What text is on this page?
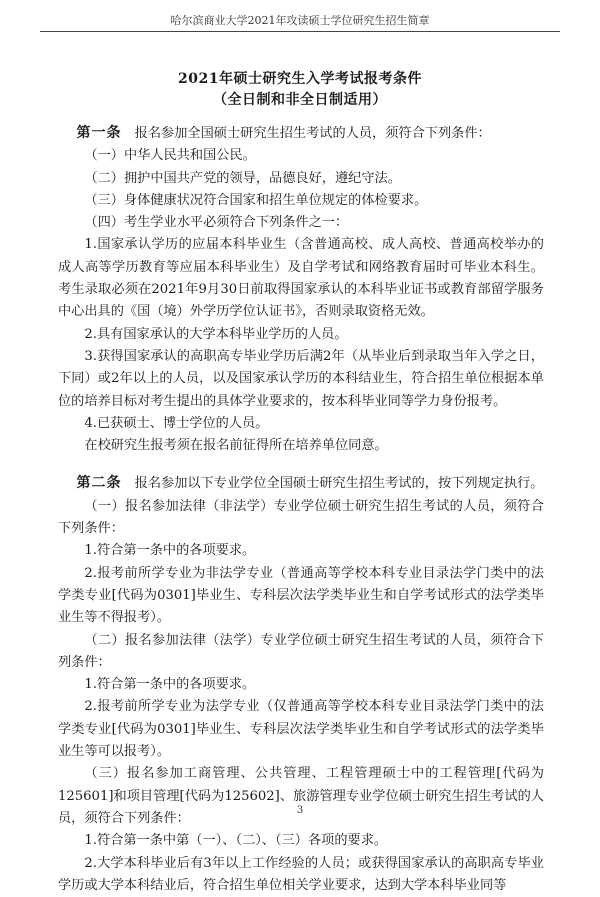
哈尔滨商业大学2021年攻读硕士学位研究生招生简章
2021年硕士研究生入学考试报考条件
（全日制和非全日制适用）

第一条　 报名参加全国硕士研究生招生考试的人员，须符合下列条件：

（一）中华人民共和国公民。

（二）拥护中国共产党的领导，品德良好，遵纪守法。

（三）身体健康状况符合国家和招生单位规定的体检要求。

（四）考生学业水平必须符合下列条件之一：

1.国家承认学历的应届本科毕业生（含普通高校、成人高校、普通高校举办的成人高等学历教育等应届本科毕业生）及自学考试和网络教育届时可毕业本科生。考生录取必须在2021年9月30日前取得国家承认的本科毕业证书或教育部留学服务中心出具的《国（境）外学历学位认证书》，否则录取资格无效。

2.具有国家承认的大学本科毕业学历的人员。

3.获得国家承认的高职高专毕业学历后满2年（从毕业后到录取当年入学之日，下同）或2年以上的人员，以及国家承认学历的本科结业生，符合招生单位根据本单位的培养目标对考生提出的具体学业要求的，按本科毕业同等学力身份报考。

4.已获硕士、博士学位的人员。

在校研究生报考须在报名前征得所在培养单位同意。

第二条　 报名参加以下专业学位全国硕士研究生招生考试的，按下列规定执行。

（一）报名参加法律（非法学）专业学位硕士研究生招生考试的人员，须符合下列条件：

1.符合第一条中的各项要求。

2.报考前所学专业为非法学专业（普通高等学校本科专业目录法学门类中的法学类专业[代码为0301]毕业生、专科层次法学类毕业生和自学考试形式的法学类毕业生等不得报考）。

（二）报名参加法律（法学）专业学位硕士研究生招生考试的人员，须符合下列条件：

1.符合第一条中的各项要求。

2.报考前所学专业为法学专业（仅普通高等学校本科专业目录法学门类中的法学类专业[代码为0301]毕业生、专科层次法学类毕业生和自学考试形式的法学类毕业生等可以报考）。

（三）报名参加工商管理、公共管理、工程管理硕士中的工程管理[代码为125601]和项目管理[代码为125602]、旅游管理专业学位硕士研究生招生考试的人员，须符合下列条件：

1.符合第一条中第（一）、（二）、（三）各项的要求。

2.大学本科毕业后有3年以上工作经验的人员；或获得国家承认的高职高专毕业学历或大学本科结业后，符合招生单位相关学业要求，达到大学本科毕业同等

3
